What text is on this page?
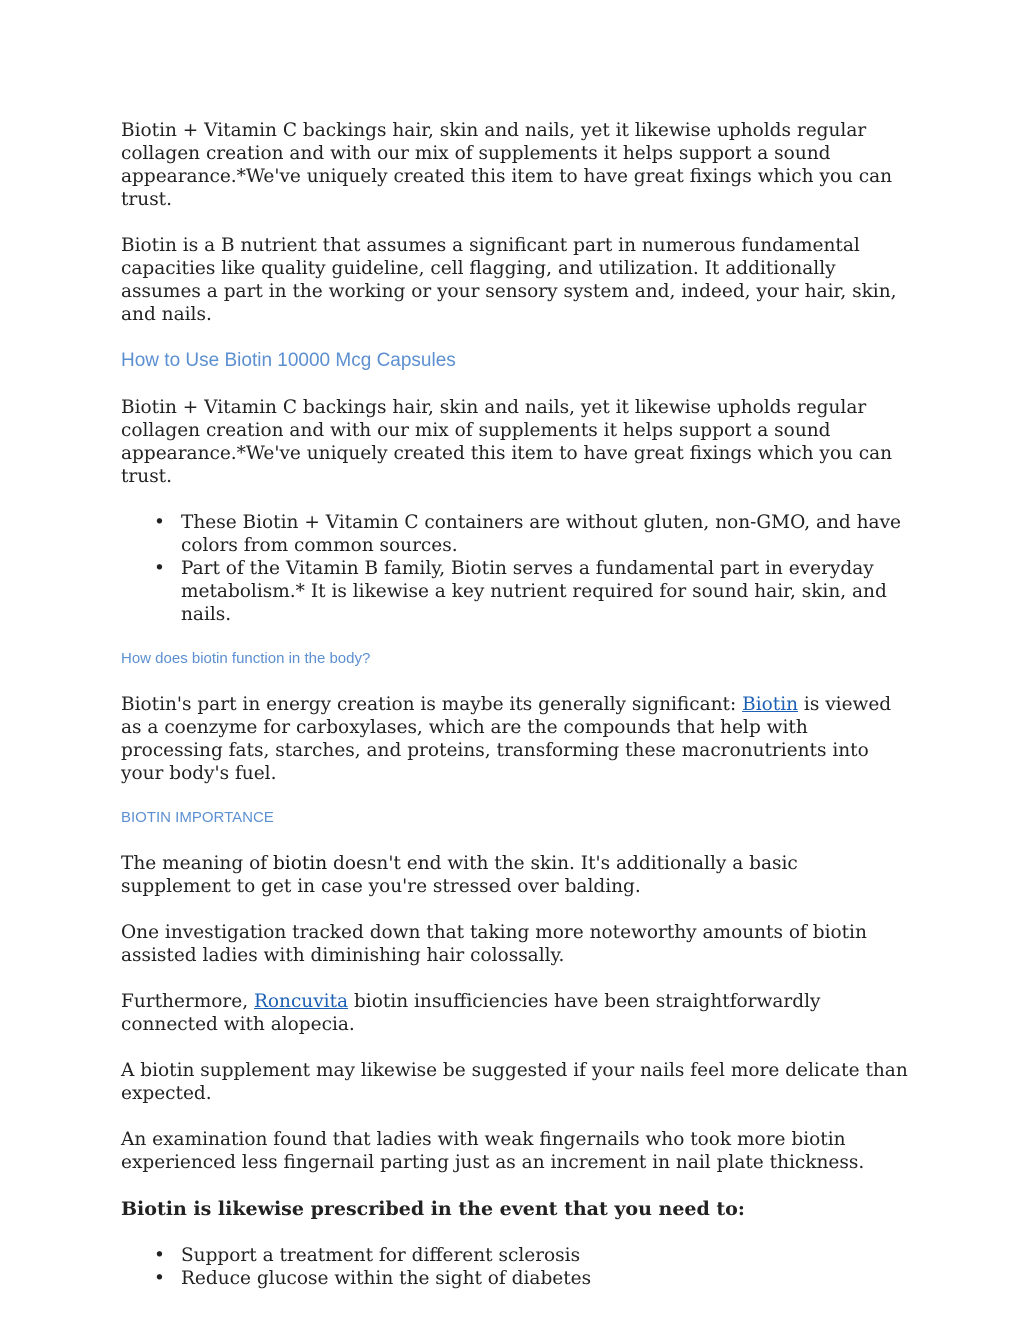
Biotin + Vitamin C backings hair, skin and nails, yet it likewise upholds regular collagen creation and with our mix of supplements it helps support a sound appearance.*We've uniquely created this item to have great fixings which you can trust.

Biotin is a B nutrient that assumes a significant part in numerous fundamental capacities like quality guideline, cell flagging, and utilization. It additionally assumes a part in the working or your sensory system and, indeed, your hair, skin, and nails.

How to Use Biotin 10000 Mcg Capsules

Biotin + Vitamin C backings hair, skin and nails, yet it likewise upholds regular collagen creation and with our mix of supplements it helps support a sound appearance.*We've uniquely created this item to have great fixings which you can trust.

• These Biotin + Vitamin C containers are without gluten, non-GMO, and have colors from common sources.
• Part of the Vitamin B family, Biotin serves a fundamental part in everyday metabolism.* It is likewise a key nutrient required for sound hair, skin, and nails.
How does biotin function in the body?

Biotin's part in energy creation is maybe its generally significant: Biotin is viewed as a coenzyme for carboxylases, which are the compounds that help with processing fats, starches, and proteins, transforming these macronutrients into your body's fuel.

BIOTIN IMPORTANCE

The meaning of biotin doesn't end with the skin. It's additionally a basic supplement to get in case you're stressed over balding.

One investigation tracked down that taking more noteworthy amounts of biotin assisted ladies with diminishing hair colossally.

Furthermore, Roncuvita biotin insufficiencies have been straightforwardly connected with alopecia.

A biotin supplement may likewise be suggested if your nails feel more delicate than expected.

An examination found that ladies with weak fingernails who took more biotin experienced less fingernail parting just as an increment in nail plate thickness.

Biotin is likewise prescribed in the event that you need to:
• Support a treatment for different sclerosis
• Reduce glucose within the sight of diabetes
